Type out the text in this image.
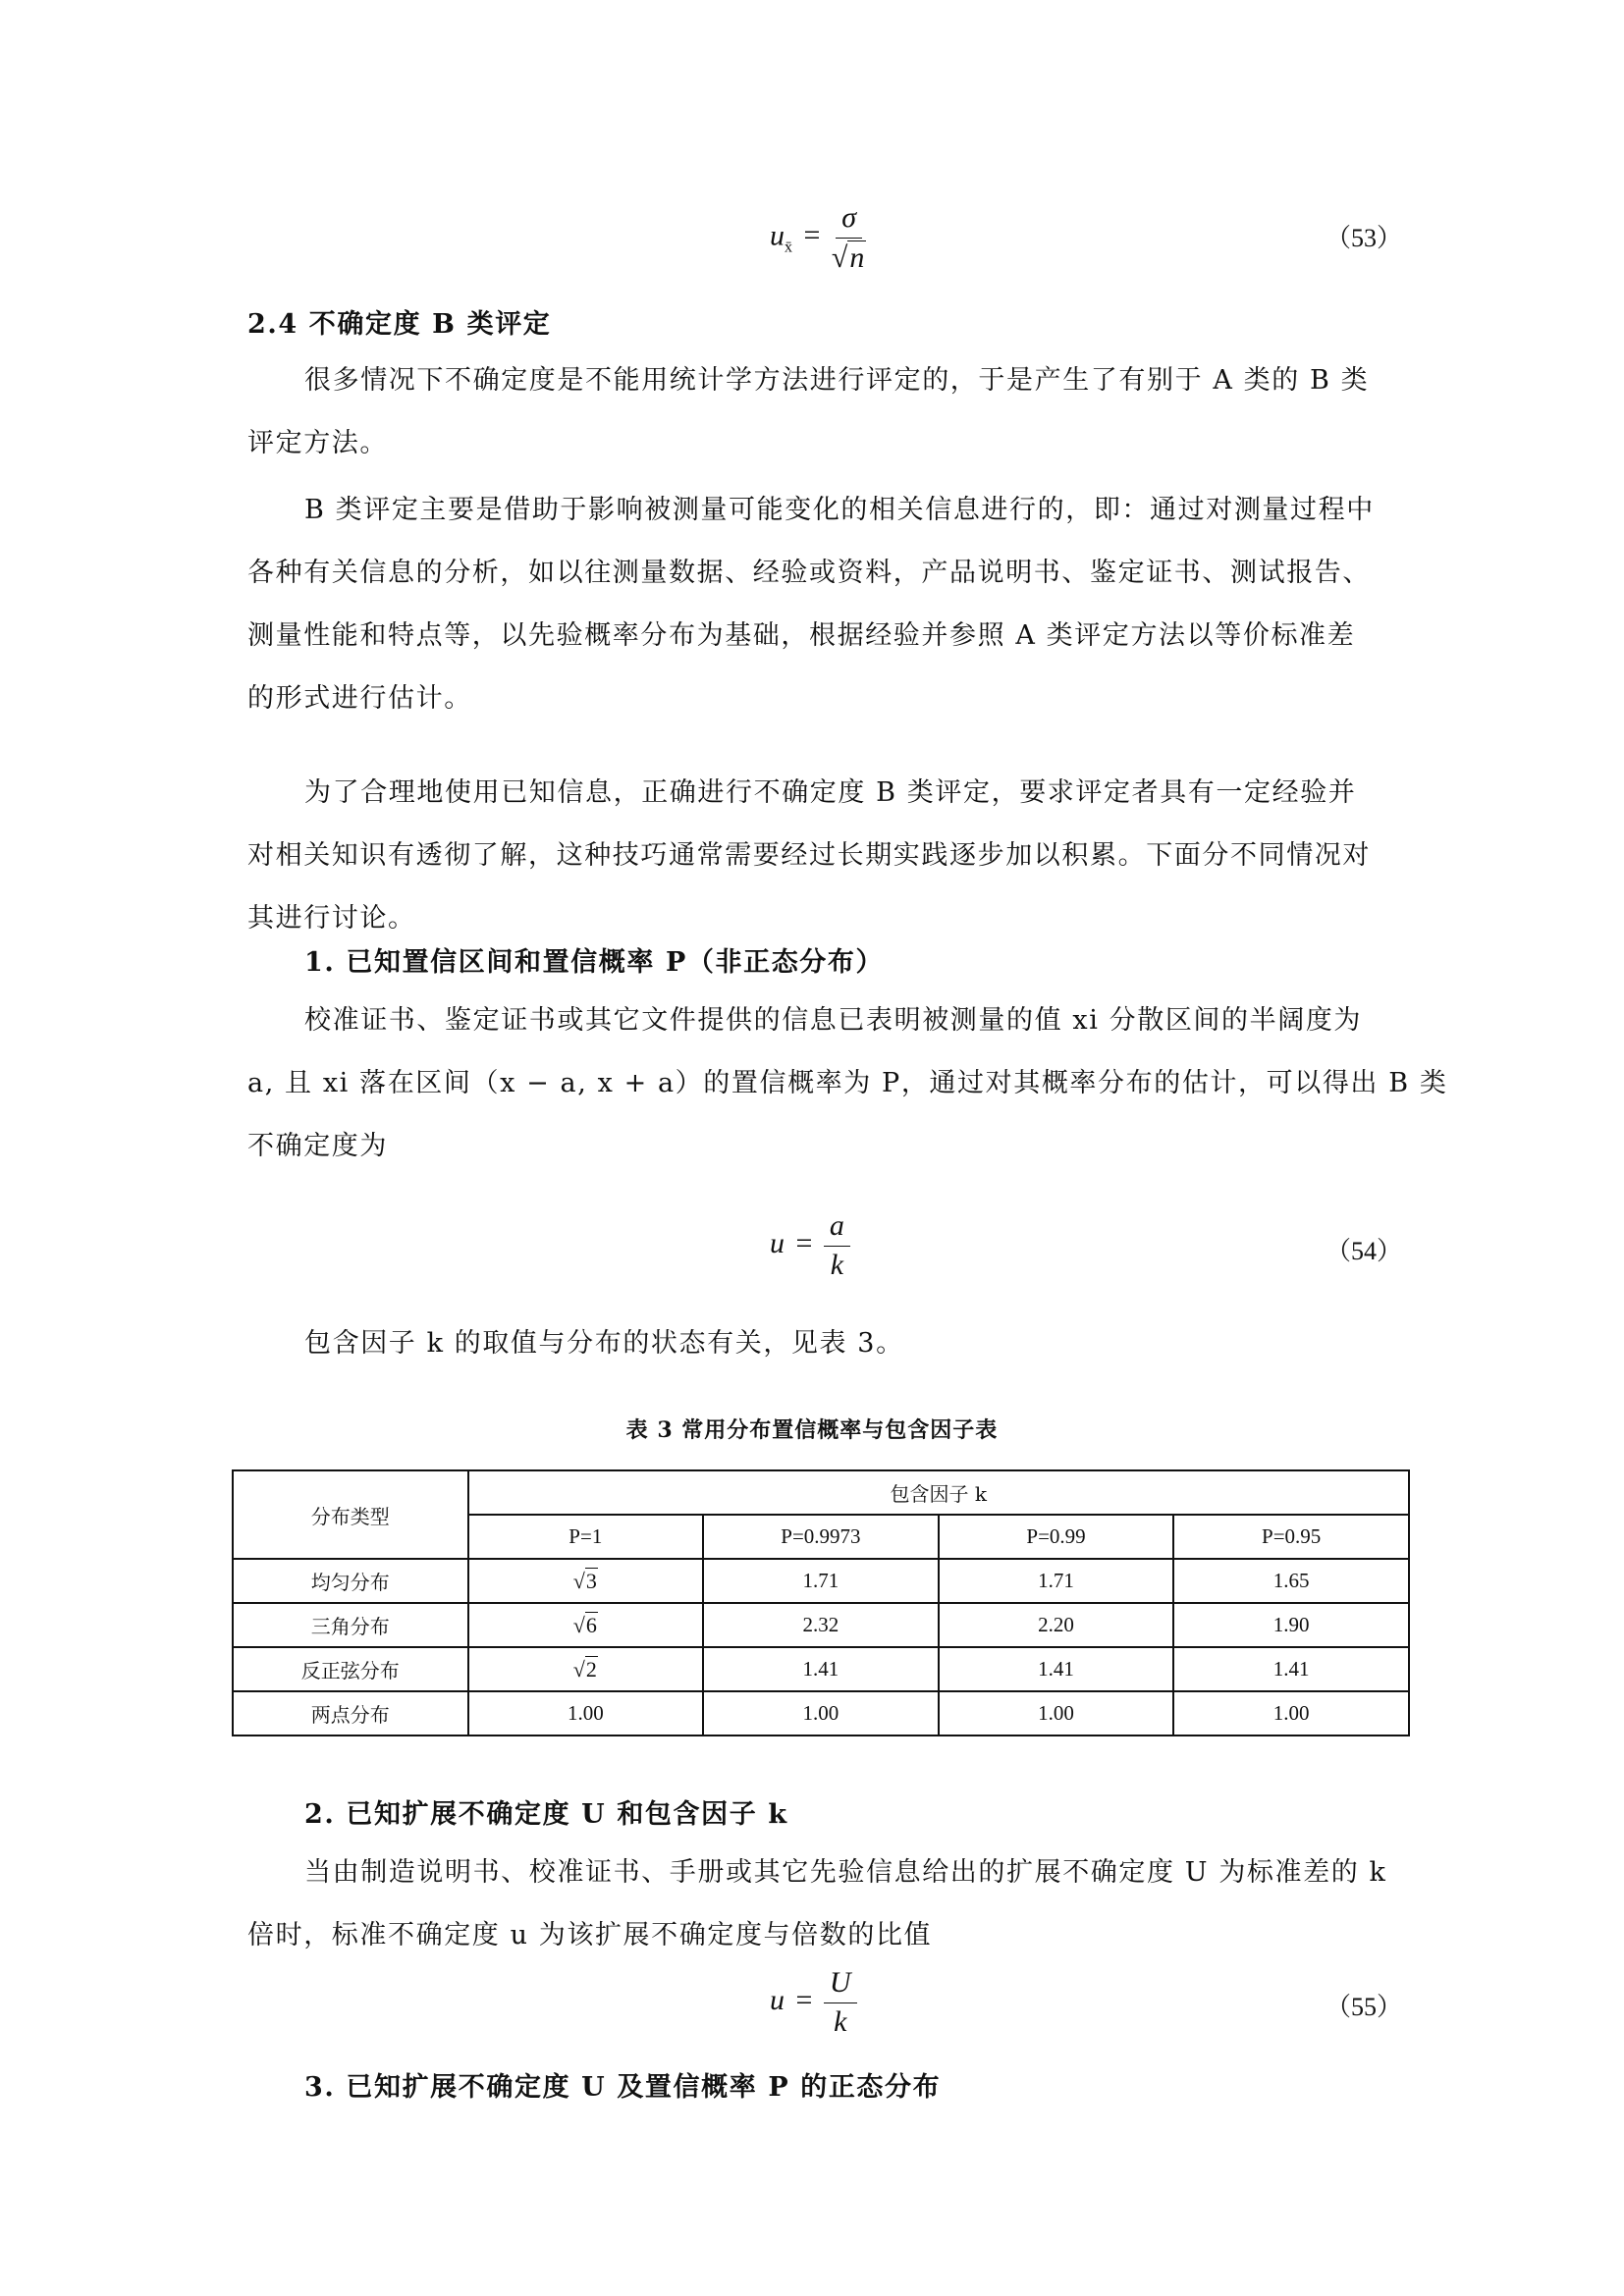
$u_{x̄} = \frac{\sigma}{√ n}$	（53）
2.4 不确定度 B 类评定
很多情况下不确定度是不能用统计学方法进行评定的，于是产生了有别于 A 类的 B 类
评定方法。
B 类评定主要是借助于影响被测量可能变化的相关信息进行的，即：通过对测量过程中
各种有关信息的分析，如以往测量数据、经验或资料，产品说明书、鉴定证书、测试报告、
测量性能和特点等，以先验概率分布为基础，根据经验并参照 A 类评定方法以等价标准差
的形式进行估计。
为了合理地使用已知信息，正确进行不确定度 B 类评定，要求评定者具有一定经验并
对相关知识有透彻了解，这种技巧通常需要经过长期实践逐步加以积累。下面分不同情况对
其进行讨论。
1. 已知置信区间和置信概率 P（非正态分布）
校准证书、鉴定证书或其它文件提供的信息已表明被测量的值 xi 分散区间的半阔度为
a, 且 xi 落在区间（x − a, x + a）的置信概率为 P，通过对其概率分布的估计，可以得出 B 类
不确定度为
$u = \frac{a}{k}$	（54）
包含因子 k 的取值与分布的状态有关，见表 3。
表 3 常用分布置信概率与包含因子表
分布类型	包含因子 k			
	P=1	P=0.9973	P=0.99	P=0.95
均匀分布	√3	1.71	1.71	1.65
三角分布	√6	2.32	2.20	1.90
反正弦分布	√2	1.41	1.41	1.41
两点分布	1.00	1.00	1.00	1.00
2. 已知扩展不确定度 U 和包含因子 k
当由制造说明书、校准证书、手册或其它先验信息给出的扩展不确定度 U 为标准差的 k
倍时，标准不确定度 u 为该扩展不确定度与倍数的比值
$u = \frac{U}{k}$	（55）
3. 已知扩展不确定度 U 及置信概率 P 的正态分布
